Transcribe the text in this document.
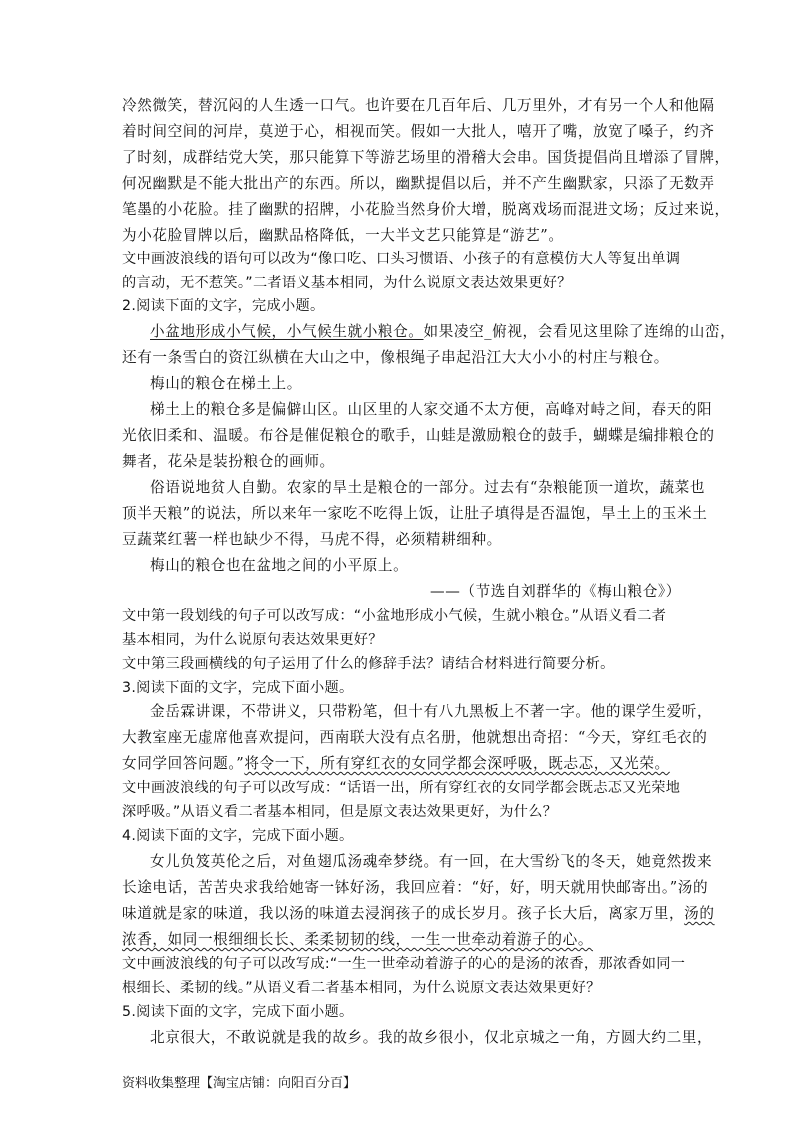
冷然微笑，替沉闷的人生透一口气。也许要在几百年后、几万里外，才有另一个人和他隔
着时间空间的河岸，莫逆于心，相视而笑。假如一大批人，嘻开了嘴，放宽了嗓子，约齐
了时刻，成群结党大笑，那只能算下等游艺场里的滑稽大会串。国货提倡尚且增添了冒牌，
何况幽默是不能大批出产的东西。所以，幽默提倡以后，并不产生幽默家，只添了无数弄
笔墨的小花脸。挂了幽默的招牌，小花脸当然身价大增，脱离戏场而混进文场；反过来说，
为小花脸冒牌以后，幽默品格降低，一大半文艺只能算是“游艺”。
文中画波浪线的语句可以改为“像口吃、口头习惯语、小孩子的有意模仿大人等复出单调
的言动，无不惹笑。”二者语义基本相同，为什么说原文表达效果更好？
2.阅读下面的文字，完成小题。
小盆地形成小气候，小气候生就小粮仓。如果凌空_俯视，会看见这里除了连绵的山峦，
还有一条雪白的资江纵横在大山之中，像根绳子串起沿江大大小小的村庄与粮仓。
梅山的粮仓在梯土上。
梯土上的粮仓多是偏僻山区。山区里的人家交通不太方便，高峰对峙之间，春天的阳
光依旧柔和、温暖。布谷是催促粮仓的歌手，山蛙是激励粮仓的鼓手，蝴蝶是编排粮仓的
舞者，花朵是装扮粮仓的画师。
俗语说地贫人自勤。农家的旱土是粮仓的一部分。过去有“杂粮能顶一道坎，蔬菜也
顶半天粮”的说法，所以来年一家吃不吃得上饭，让肚子填得是否温饱，旱土上的玉米土
豆蔬菜红薯一样也缺少不得，马虎不得，必须精耕细种。
梅山的粮仓也在盆地之间的小平原上。
——（节选自刘群华的《梅山粮仓》）
文中第一段划线的句子可以改写成：“小盆地形成小气候，生就小粮仓。”从语义看二者
基本相同，为什么说原句表达效果更好？
文中第三段画横线的句子运用了什么的修辞手法？请结合材料进行简要分析。
3.阅读下面的文字，完成下面小题。
金岳霖讲课，不带讲义，只带粉笔，但十有八九黑板上不著一字。他的课学生爱听，
大教室座无虚席他喜欢提问，西南联大没有点名册，他就想出奇招：“今天，穿红毛衣的
女同学回答问题。”将令一下，所有穿红衣的女同学都会深呼吸，既忐忑，又光荣。
文中画波浪线的句子可以改写成：“话语一出，所有穿红衣的女同学都会既忐忑又光荣地
深呼吸。”从语义看二者基本相同，但是原文表达效果更好，为什么？
4.阅读下面的文字，完成下面小题。
女儿负笈英伦之后，对鱼翅瓜汤魂牵梦绕。有一回，在大雪纷飞的冬天，她竟然拨来
长途电话，苦苦央求我给她寄一钵好汤，我回应着：“好，好，明天就用快邮寄出。”汤的
味道就是家的味道，我以汤的味道去浸润孩子的成长岁月。孩子长大后，离家万里，汤的
浓香，如同一根细细长长、柔柔韧韧的线，一生一世牵动着游子的心。
文中画波浪线的句子可以改写成:“一生一世牵动着游子的心的是汤的浓香，那浓香如同一
根细长、柔韧的线。”从语义看二者基本相同，为什么说原文表达效果更好？
5.阅读下面的文字，完成下面小题。
北京很大，不敢说就是我的故乡。我的故乡很小，仅北京城之一角，方圆大约二里，
资料收集整理【淘宝店铺：向阳百分百】
